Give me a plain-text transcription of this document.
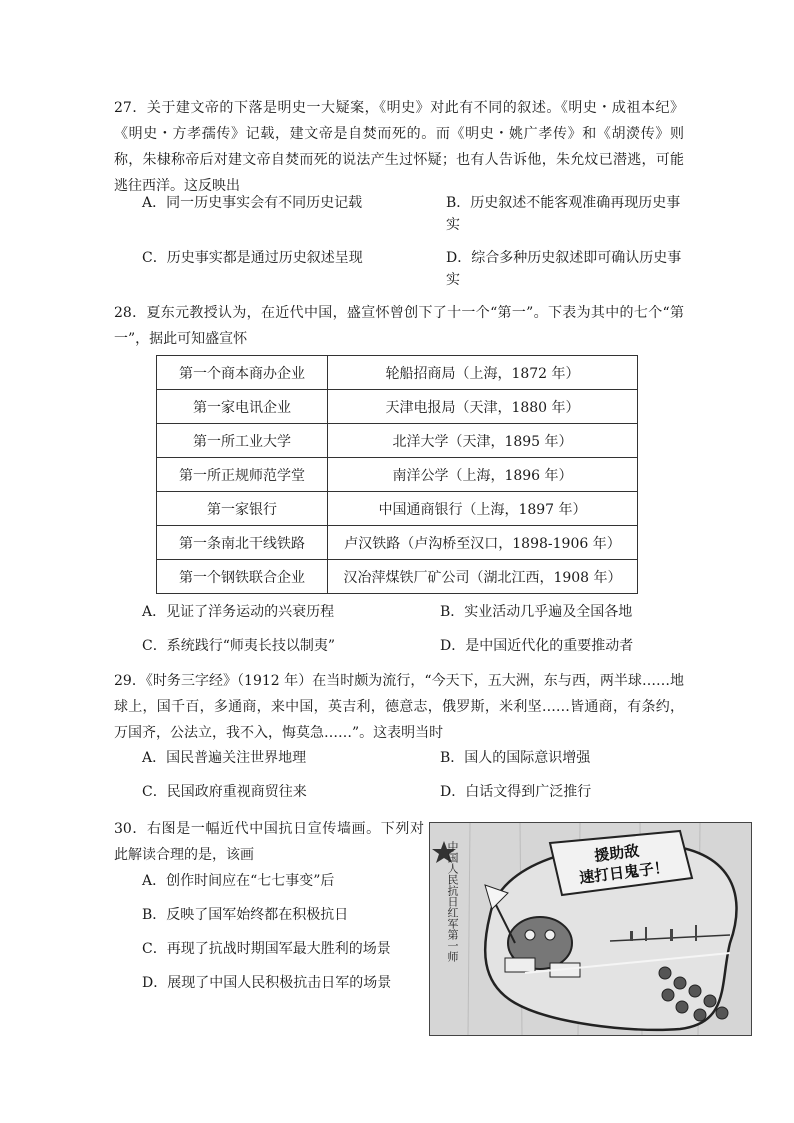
27．关于建文帝的下落是明史一大疑案，《明史》对此有不同的叙述。《明史・成祖本纪》《明史・方孝孺传》记载，建文帝是自焚而死的。而《明史・姚广孝传》和《胡濙传》则称，朱棣称帝后对建文帝自焚而死的说法产生过怀疑；也有人告诉他，朱允炆已潜逃，可能逃往西洋。这反映出
A．同一历史事实会有不同历史记载	B．历史叙述不能客观准确再现历史事实
C．历史事实都是通过历史叙述呈现	D．综合多种历史叙述即可确认历史事实
28．夏东元教授认为，在近代中国，盛宣怀曾创下了十一个“第一”。下表为其中的七个“第一”，据此可知盛宣怀
第一个商本商办企业	轮船招商局（上海，1872 年）
第一家电讯企业	天津电报局（天津，1880 年）
第一所工业大学	北洋大学（天津，1895 年）
第一所正规师范学堂	南洋公学（上海，1896 年）
第一家银行	中国通商银行（上海，1897 年）
第一条南北干线铁路	卢汉铁路（卢沟桥至汉口，1898-1906 年）
第一个钢铁联合企业	汉冶萍煤铁厂矿公司（湖北江西，1908 年）
A．见证了洋务运动的兴衰历程	B．实业活动几乎遍及全国各地
C．系统践行“师夷长技以制夷”	D．是中国近代化的重要推动者
29．《时务三字经》（1912 年）在当时颇为流行，“今天下，五大洲，东与西，两半球……地球上，国千百，多通商，来中国，英吉利，德意志，俄罗斯，米利坚……皆通商，有条约，万国齐，公法立，我不入，悔莫急……”。这表明当时
A．国民普遍关注世界地理	B．国人的国际意识增强
C．民国政府重视商贸往来	D．白话文得到广泛推行
30．右图是一幅近代中国抗日宣传墙画。下列对此解读合理的是，该画
A．创作时间应在“七七事变”后
B．反映了国军始终都在积极抗日
C．再现了抗战时期国军最大胜利的场景
D．展现了中国人民积极抗击日军的场景
援助敌
速打日鬼子！
中国人民抗日红军第一师
